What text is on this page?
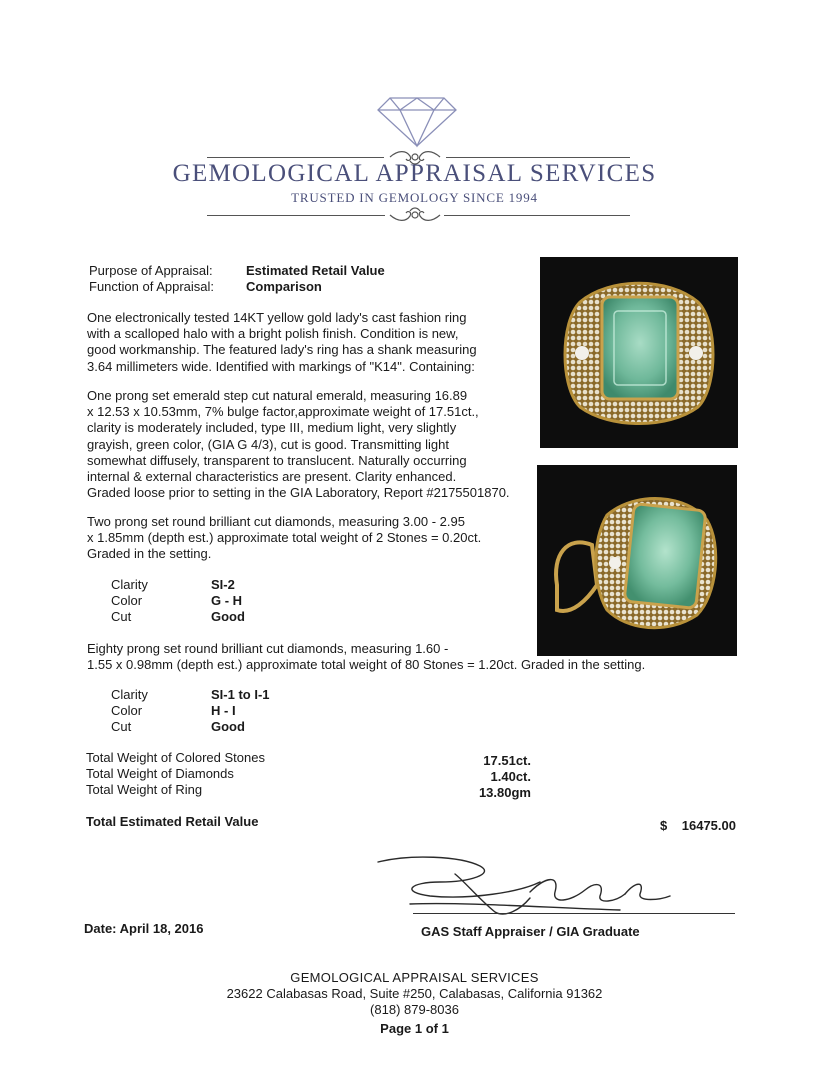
GEMOLOGICAL APPRAISAL SERVICES
TRUSTED IN GEMOLOGY SINCE 1994
Purpose of Appraisal:	Estimated Retail Value
Function of Appraisal: Comparison
One electronically tested 14KT yellow gold lady's cast fashion ring
with a scalloped halo with a bright polish finish. Condition is new,
good workmanship. The featured lady's ring has a shank measuring
3.64 millimeters wide. Identified with markings of "K14". Containing:
One prong set emerald step cut natural emerald, measuring 16.89
x 12.53 x 10.53mm, 7% bulge factor,approximate weight of 17.51ct.,
clarity is moderately included, type III, medium light, very slightly
grayish, green color, (GIA G 4/3), cut is good. Transmitting light
somewhat diffusely, transparent to translucent. Naturally occurring
internal & external characteristics are present. Clarity enhanced.
Graded loose prior to setting in the GIA Laboratory, Report #2175501870.
Two prong set round brilliant cut diamonds, measuring 3.00 - 2.95
x 1.85mm (depth est.) approximate total weight of 2 Stones = 0.20ct.
Graded in the setting.
Clarity	SI-2
Color	G - H
Cut	Good
Eighty prong set round brilliant cut diamonds, measuring 1.60 -
1.55 x 0.98mm (depth est.) approximate total weight of 80 Stones = 1.20ct. Graded in the setting.
Clarity	SI-1 to I-1
Color	H - I
Cut	Good
Total Weight of Colored Stones	17.51ct.
Total Weight of Diamonds	1.40ct.
Total Weight of Ring	13.80gm
Total Estimated Retail Value	$	16475.00
Date: April 18, 2016	GAS Staff Appraiser / GIA Graduate
GEMOLOGICAL APPRAISAL SERVICES
23622 Calabasas Road, Suite #250, Calabasas, California 91362
(818) 879-8036
Page 1 of 1
